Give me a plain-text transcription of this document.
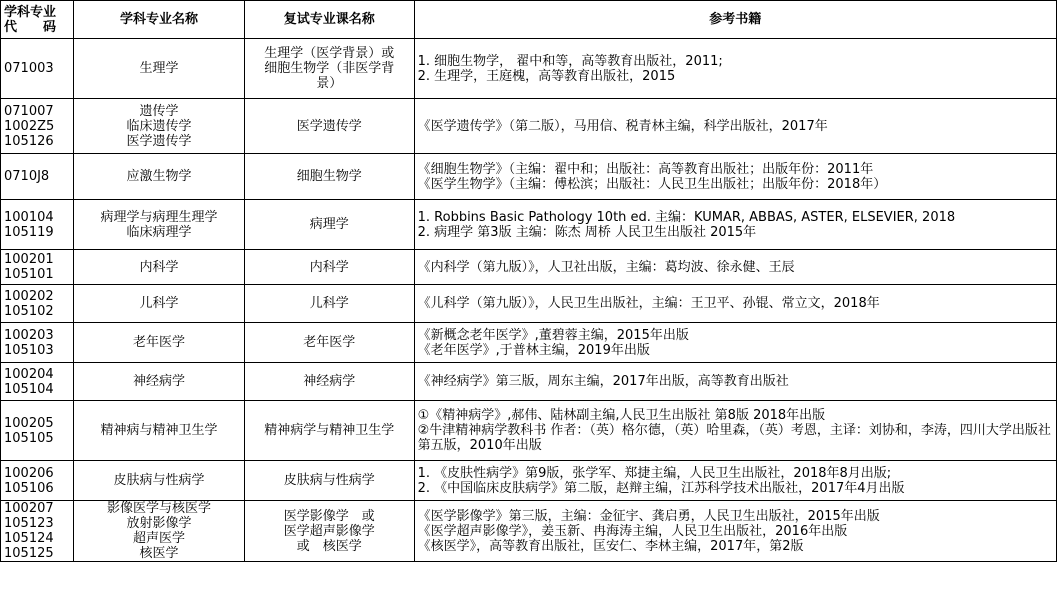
学科专业
代　　码	学科专业名称	复试专业课名称	参考书籍

071003	生理学	生理学（医学背景）或
细胞生物学（非医学背
景）	1. 细胞生物学， 翟中和等，高等教育出版社，2011;
2. 生理学，王庭槐，高等教育出版社，2015

071007
1002Z5
105126	遗传学
临床遗传学
医学遗传学	医学遗传学	《医学遗传学》（第二版），马用信、税青林主编，科学出版社，2017年

0710J8	应激生物学	细胞生物学	《细胞生物学》（主编：翟中和；出版社：高等教育出版社；出版年份：2011年
《医学生物学》（主编：傅松滨；出版社：人民卫生出版社；出版年份：2018年）

100104
105119	病理学与病理生理学
临床病理学	病理学	1. Robbins Basic Pathology 10th ed. 主编：KUMAR, ABBAS, ASTER, ELSEVIER, 2018
2. 病理学 第3版 主编：陈杰 周桥 人民卫生出版社 2015年

100201
105101	内科学	内科学	《内科学（第九版）》，人卫社出版，主编：葛均波、徐永健、王辰

100202
105102	儿科学	儿科学	《儿科学（第九版）》，人民卫生出版社，主编：王卫平、孙锟、常立文，2018年

100203
105103	老年医学	老年医学	《新概念老年医学》,董碧蓉主编，2015年出版
《老年医学》,于普林主编，2019年出版

100204
105104	神经病学	神经病学	《神经病学》第三版，周东主编，2017年出版，高等教育出版社

100205
105105	精神病与精神卫生学	精神病学与精神卫生学	①《精神病学》,郝伟、陆林副主编,人民卫生出版社 第8版 2018年出版
②牛津精神病学教科书 作者：（英）格尔德，（英）哈里森，（英）考恩，主译：刘协和，李涛，四川大学出版社 第五版，2010年出版

100206
105106	皮肤病与性病学	皮肤病与性病学	1. 《皮肤性病学》第9版，张学军、郑捷主编，人民卫生出版社，2018年8月出版;
2. 《中国临床皮肤病学》第二版，赵辩主编，江苏科学技术出版社，2017年4月出版

100207
105123
105124
105125	影像医学与核医学
放射影像学
超声医学
核医学	医学影像学　或
医学超声影像学
或　核医学	《医学影像学》第三版，主编：金征宇、龚启勇，人民卫生出版社，2015年出版
《医学超声影像学》，姜玉新、冉海涛主编，人民卫生出版社，2016年出版
《核医学》，高等教育出版社，匡安仁、李林主编，2017年，第2版
